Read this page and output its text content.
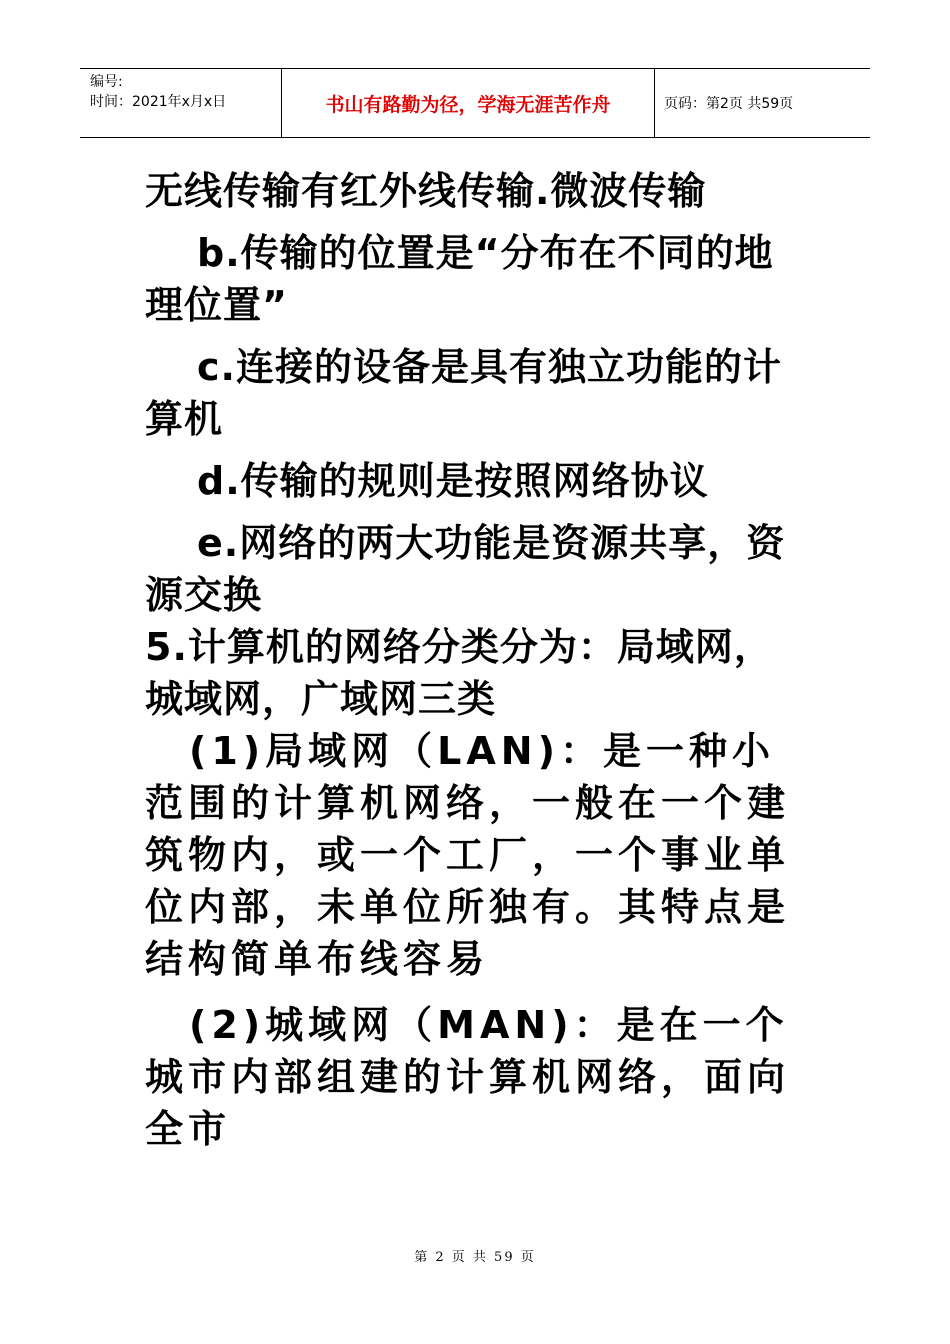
编号:
时间：2021年x月x日	书山有路勤为径，学海无涯苦作舟	页码：第2页 共59页

无线传输有红外线传输.微波传输

b.传输的位置是“分布在不同的地理位置”

c.连接的设备是具有独立功能的计算机

d.传输的规则是按照网络协议

e.网络的两大功能是资源共享，资源交换

5.计算机的网络分类分为：局域网，城域网，广域网三类

(1)局域网（LAN)：是一种小范围的计算机网络，一般在一个建筑物内，或一个工厂，一个事业单位内部，未单位所独有。其特点是结构简单布线容易

(2)城域网（MAN)：是在一个城市内部组建的计算机网络，面向全市

第 2 页 共 59 页
